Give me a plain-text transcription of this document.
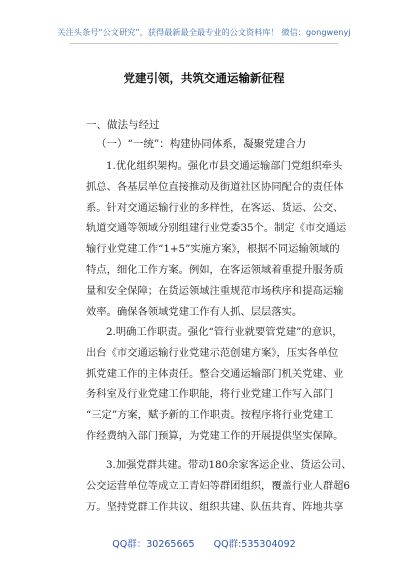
关注头条号“公文研究”，获得最新最全最专业的公文资料库！ 微信：gongwenyj
党建引领，共筑交通运输新征程
一、做法与经过
（一）“一统”：构建协同体系，凝聚党建合力
1.优化组织架构。强化市县交通运输部门党组织牵头
抓总、各基层单位直接推动及街道社区协同配合的责任体
系。针对交通运输行业的多样性，在客运、货运、公交、
轨道交通等领域分别组建行业党委35个。制定《市交通运
输行业党建工作“1+5”实施方案》，根据不同运输领域的
特点，细化工作方案。例如，在客运领域着重提升服务质
量和安全保障；在货运领域注重规范市场秩序和提高运输
效率。确保各领域党建工作有人抓、层层落实。
2.明确工作职责。强化“管行业就要管党建”的意识，
出台《市交通运输行业党建示范创建方案》，压实各单位
抓党建工作的主体责任。整合交通运输部门机关党建、业
务科室及行业党建工作职能，将行业党建工作写入部门
“三定”方案，赋予新的工作职责。按程序将行业党建工
作经费纳入部门预算，为党建工作的开展提供坚实保障。
3.加强党群共建。带动180余家客运企业、货运公司、
公交运营单位等成立工青妇等群团组织，覆盖行业人群超6
万。坚持党群工作共议、组织共建、队伍共育、阵地共享
QQ群：30265665 QQ群:535304092
